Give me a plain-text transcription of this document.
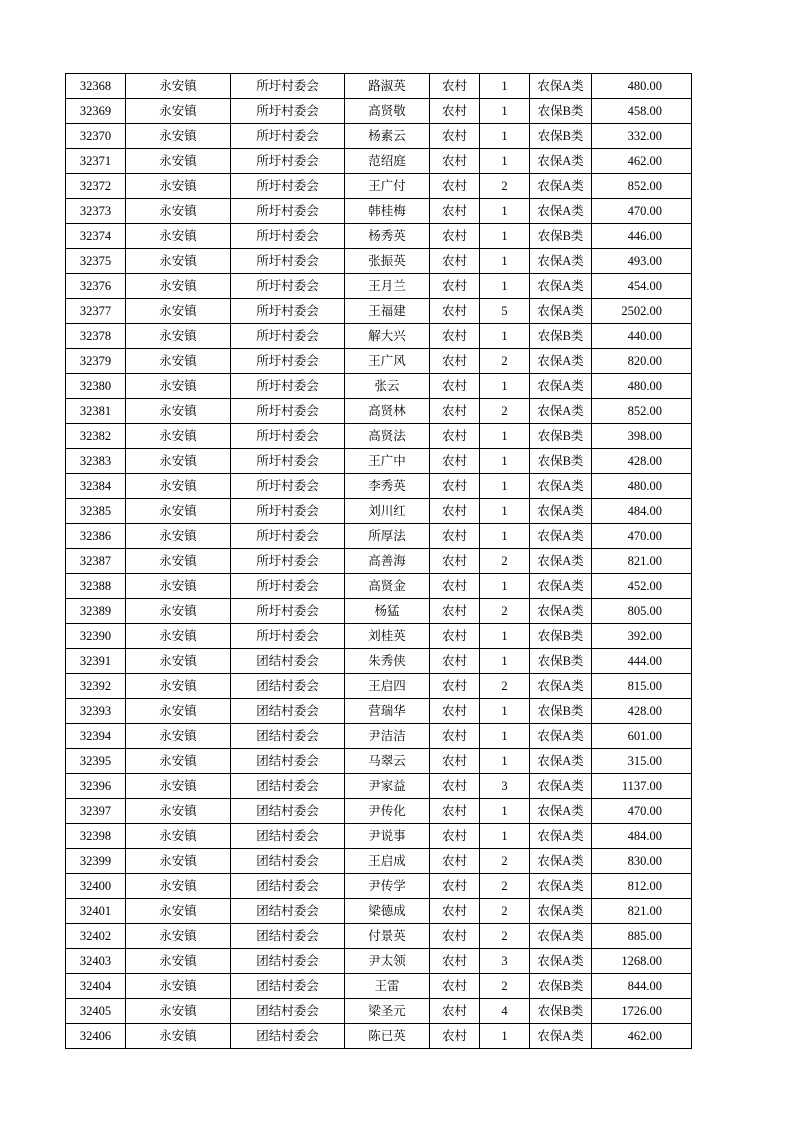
32368	永安镇	所圩村委会	路淑英	农村	1	农保A类	480.00
32369	永安镇	所圩村委会	高贤敬	农村	1	农保B类	458.00
32370	永安镇	所圩村委会	杨素云	农村	1	农保B类	332.00
32371	永安镇	所圩村委会	范绍庭	农村	1	农保A类	462.00
32372	永安镇	所圩村委会	王广付	农村	2	农保A类	852.00
32373	永安镇	所圩村委会	韩桂梅	农村	1	农保A类	470.00
32374	永安镇	所圩村委会	杨秀英	农村	1	农保B类	446.00
32375	永安镇	所圩村委会	张振英	农村	1	农保A类	493.00
32376	永安镇	所圩村委会	王月兰	农村	1	农保A类	454.00
32377	永安镇	所圩村委会	王福建	农村	5	农保A类	2502.00
32378	永安镇	所圩村委会	解大兴	农村	1	农保B类	440.00
32379	永安镇	所圩村委会	王广风	农村	2	农保A类	820.00
32380	永安镇	所圩村委会	张云	农村	1	农保A类	480.00
32381	永安镇	所圩村委会	高贤林	农村	2	农保A类	852.00
32382	永安镇	所圩村委会	高贤法	农村	1	农保B类	398.00
32383	永安镇	所圩村委会	王广中	农村	1	农保B类	428.00
32384	永安镇	所圩村委会	李秀英	农村	1	农保A类	480.00
32385	永安镇	所圩村委会	刘川红	农村	1	农保A类	484.00
32386	永安镇	所圩村委会	所厚法	农村	1	农保A类	470.00
32387	永安镇	所圩村委会	高善海	农村	2	农保A类	821.00
32388	永安镇	所圩村委会	高贤金	农村	1	农保A类	452.00
32389	永安镇	所圩村委会	杨猛	农村	2	农保A类	805.00
32390	永安镇	所圩村委会	刘桂英	农村	1	农保B类	392.00
32391	永安镇	团结村委会	朱秀侠	农村	1	农保B类	444.00
32392	永安镇	团结村委会	王启四	农村	2	农保A类	815.00
32393	永安镇	团结村委会	营瑞华	农村	1	农保B类	428.00
32394	永安镇	团结村委会	尹洁洁	农村	1	农保A类	601.00
32395	永安镇	团结村委会	马翠云	农村	1	农保A类	315.00
32396	永安镇	团结村委会	尹家益	农村	3	农保A类	1137.00
32397	永安镇	团结村委会	尹传化	农村	1	农保A类	470.00
32398	永安镇	团结村委会	尹说事	农村	1	农保A类	484.00
32399	永安镇	团结村委会	王启成	农村	2	农保A类	830.00
32400	永安镇	团结村委会	尹传学	农村	2	农保A类	812.00
32401	永安镇	团结村委会	梁德成	农村	2	农保A类	821.00
32402	永安镇	团结村委会	付景英	农村	2	农保A类	885.00
32403	永安镇	团结村委会	尹太领	农村	3	农保A类	1268.00
32404	永安镇	团结村委会	王雷	农村	2	农保B类	844.00
32405	永安镇	团结村委会	梁圣元	农村	4	农保B类	1726.00
32406	永安镇	团结村委会	陈已英	农村	1	农保A类	462.00
